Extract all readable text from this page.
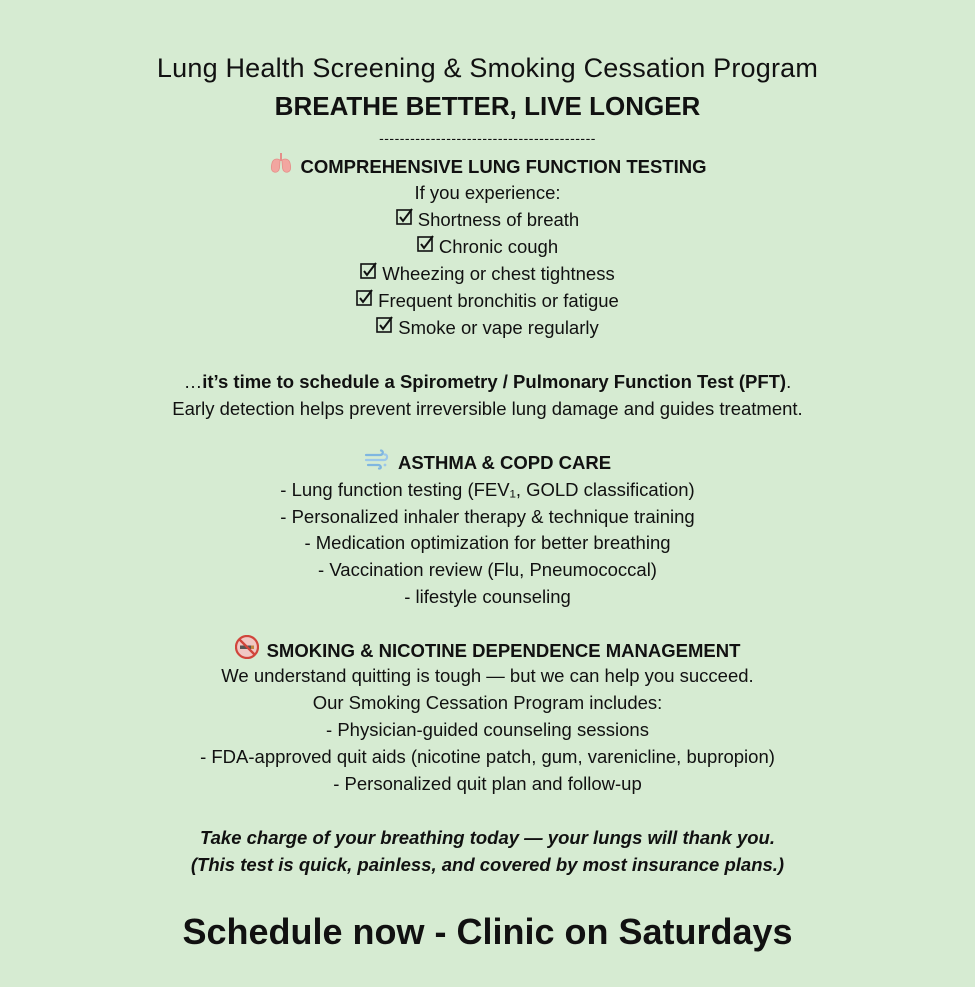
Lung Health Screening & Smoking Cessation Program
BREATHE BETTER, LIVE LONGER
------------------------------------------
COMPREHENSIVE LUNG FUNCTION TESTING
If you experience:
Shortness of breath
Chronic cough
Wheezing or chest tightness
Frequent bronchitis or fatigue
Smoke or vape regularly
…it’s time to schedule a Spirometry / Pulmonary Function Test (PFT).
Early detection helps prevent irreversible lung damage and guides treatment.
ASTHMA & COPD CARE
- Lung function testing (FEV₁, GOLD classification)
- Personalized inhaler therapy & technique training
- Medication optimization for better breathing
- Vaccination review (Flu, Pneumococcal)
- lifestyle counseling
SMOKING & NICOTINE DEPENDENCE MANAGEMENT
We understand quitting is tough — but we can help you succeed.
Our Smoking Cessation Program includes:
- Physician-guided counseling sessions
- FDA-approved quit aids (nicotine patch, gum, varenicline, bupropion)
- Personalized quit plan and follow-up
Take charge of your breathing today — your lungs will thank you.
(This test is quick, painless, and covered by most insurance plans.)
Schedule now - Clinic on Saturdays
